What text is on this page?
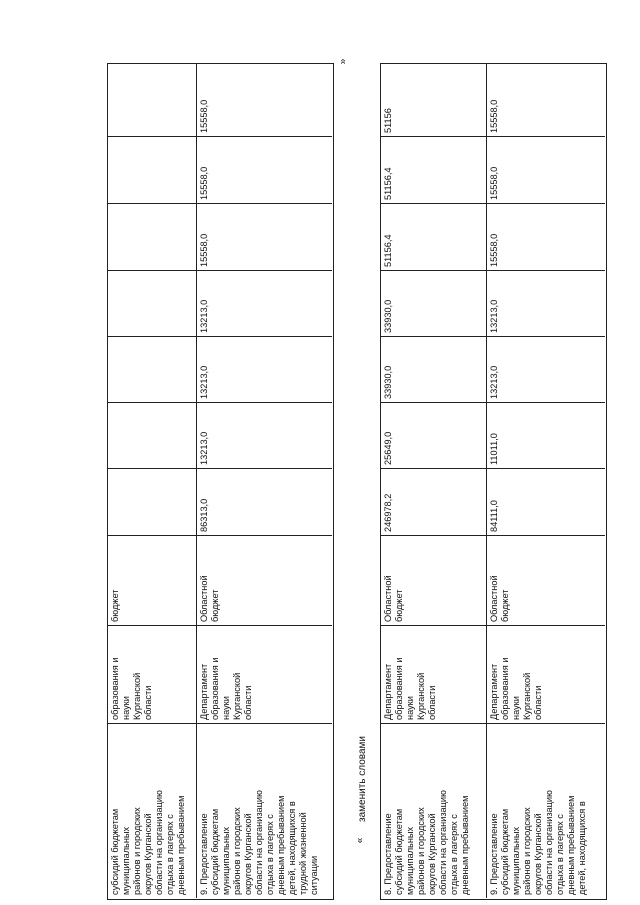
субсидий бюджетам
муниципальных
районов и городских
округов Курганской
области на организацию
отдыха в лагерях с
дневным пребыванием
образования и
науки
Курганской
области
бюджет
15558,0
9. Предоставление
субсидий бюджетам
муниципальных
районов и городских
округов Курганской
области на организацию
отдыха в лагерях с
дневным пребыванием
детей, находящихся в
трудной жизненной
ситуации
Департамент
образования и
науки
Курганской
области
Областной
бюджет
86313,0
13213,0
13213,0
13213,0
15558,0
15558,0
»
заменить словами
«
8. Предоставление
субсидий бюджетам
муниципальных
районов и городских
округов Курганской
области на организацию
отдыха в лагерях с
дневным пребыванием
Департамент
образования и
науки
Курганской
области
Областной
бюджет
246978,2
25649,0
33930,0
33930,0
51156,4
51156,4
51156
9. Предоставление
субсидий бюджетам
муниципальных
районов и городских
округов Курганской
области на организацию
отдыха в лагерях с
дневным пребыванием
детей, находящихся в
Департамент
образования и
науки
Курганской
области
Областной
бюджет
84111,0
11011,0
13213,0
13213,0
15558,0
15558,0
15558,0
